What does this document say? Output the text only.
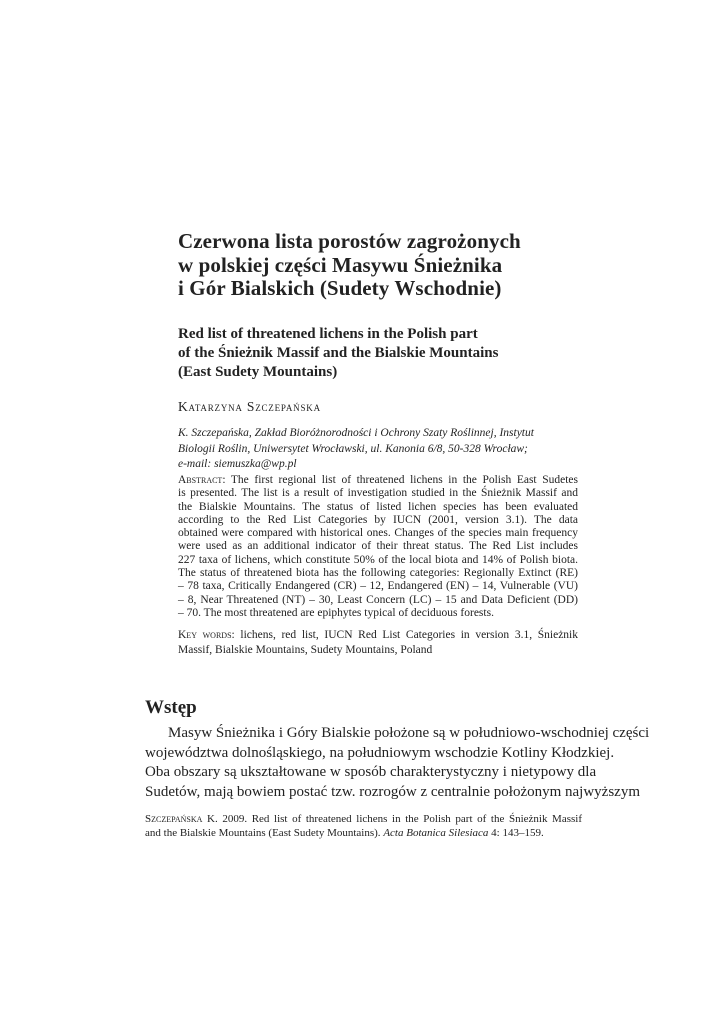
Czerwona lista porostów zagrożonych
w polskiej części Masywu Śnieżnika
i Gór Bialskich (Sudety Wschodnie)
Red list of threatened lichens in the Polish part
of the Śnieżnik Massif and the Bialskie Mountains
(East Sudety Mountains)
Katarzyna Szczepańska
K. Szczepańska, Zakład Bioróżnorodności i Ochrony Szaty Roślinnej, Instytut
Biologii Roślin, Uniwersytet Wrocławski, ul. Kanonia 6/8, 50-328 Wrocław;
e-mail: siemuszka@wp.pl
Abstract: The first regional list of threatened lichens in the Polish East Sudetes
is presented. The list is a result of investigation studied in the Śnieżnik Massif and
the Bialskie Mountains. The status of listed lichen species has been evaluated
according to the Red List Categories by IUCN (2001, version 3.1). The data
obtained were compared with historical ones. Changes of the species main frequency
were used as an additional indicator of their threat status. The Red List includes
227 taxa of lichens, which constitute 50% of the local biota and 14% of Polish biota.
The status of threatened biota has the following categories: Regionally Extinct (RE)
– 78 taxa, Critically Endangered (CR) – 12, Endangered (EN) – 14, Vulnerable (VU)
– 8, Near Threatened (NT) – 30, Least Concern (LC) – 15 and Data Deficient (DD)
– 70. The most threatened are epiphytes typical of deciduous forests.
Key words: lichens, red list, IUCN Red List Categories in version 3.1, Śnieżnik
Massif, Bialskie Mountains, Sudety Mountains, Poland
Wstęp
Masyw Śnieżnika i Góry Bialskie położone są w południowo-wschodniej części
województwa dolnośląskiego, na południowym wschodzie Kotliny Kłodzkiej.
Oba obszary są ukształtowane w sposób charakterystyczny i nietypowy dla
Sudetów, mają bowiem postać tzw. rozrogów z centralnie położonym najwyższym
Szczepańska K. 2009. Red list of threatened lichens in the Polish part of the Śnieżnik Massif
and the Bialskie Mountains (East Sudety Mountains). Acta Botanica Silesiaca 4: 143–159.
